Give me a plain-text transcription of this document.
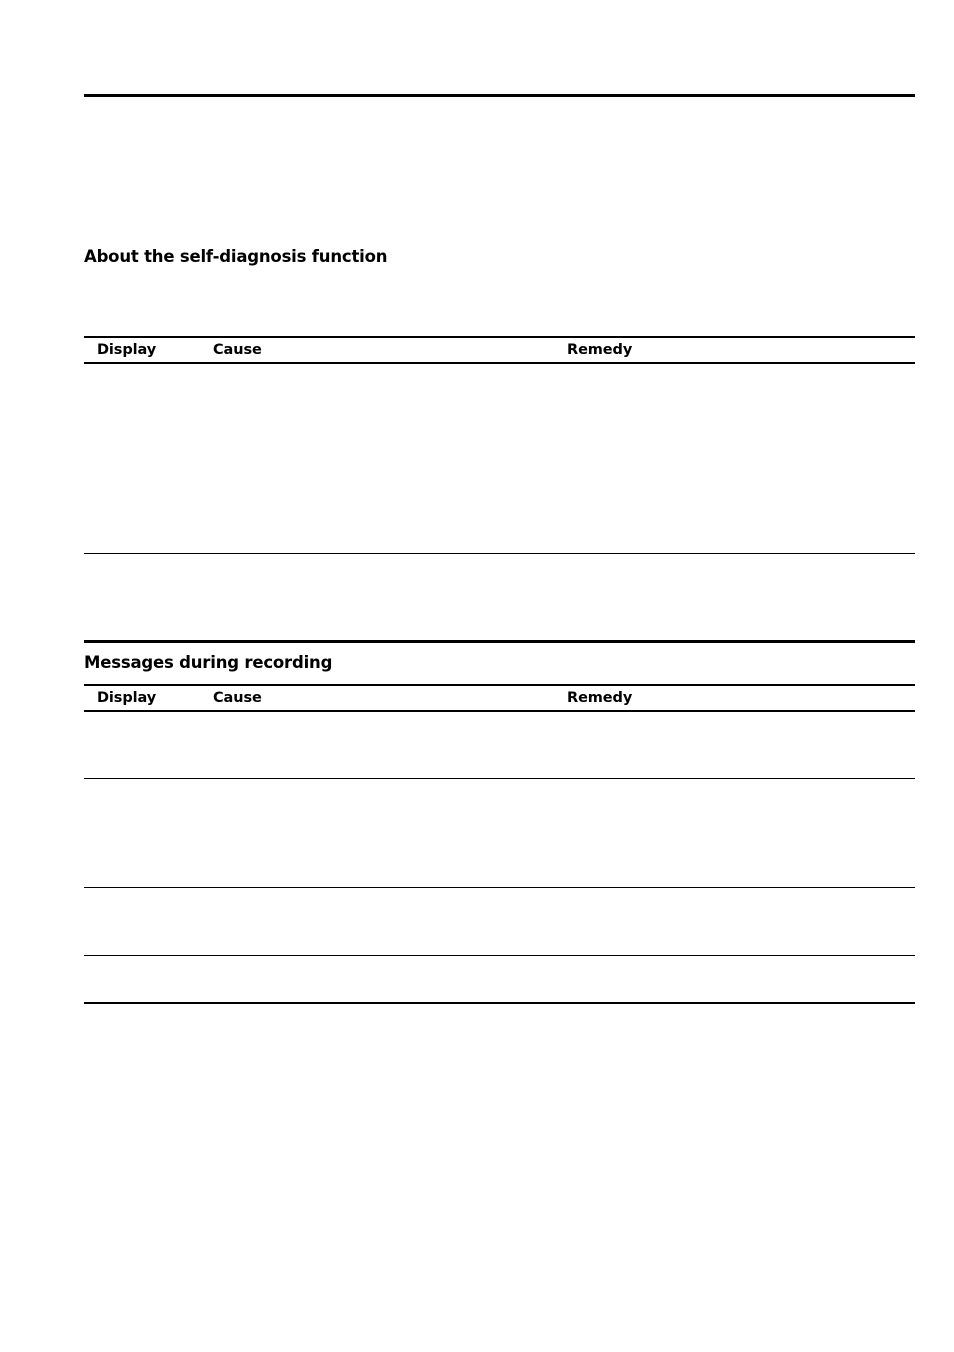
About the self-diagnosis function
Display	Cause	Remedy
Messages during recording
Display	Cause	Remedy
